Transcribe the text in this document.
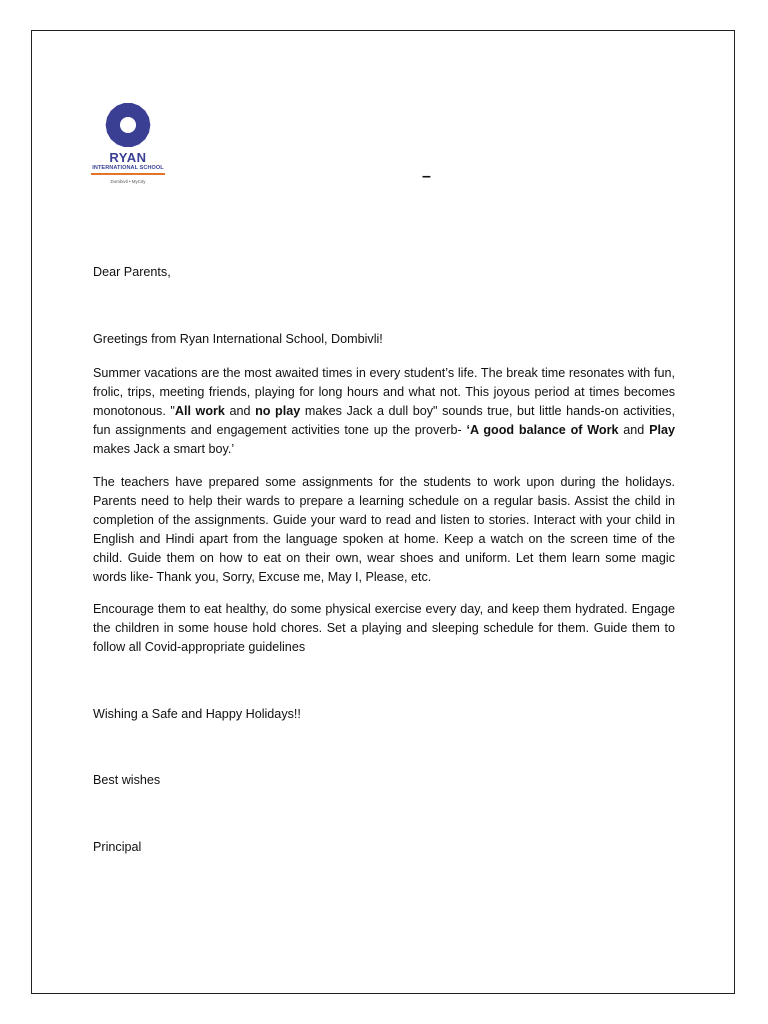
RYAN
INTERNATIONAL SCHOOL
Dombivli • MyCity	–
Dear Parents,
Greetings from Ryan International School, Dombivli!
Summer vacations are the most awaited times in every student’s life. The break time resonates with fun, frolic, trips, meeting friends, playing for long hours and what not. This joyous period at times becomes monotonous. "All work and no play makes Jack a dull boy" sounds true, but little hands-on activities, fun assignments and engagement activities tone up the proverb- ‘A good balance of Work and Play makes Jack a smart boy.’
The teachers have prepared some assignments for the students to work upon during the holidays. Parents need to help their wards to prepare a learning schedule on a regular basis. Assist the child in completion of the assignments. Guide your ward to read and listen to stories. Interact with your child in English and Hindi apart from the language spoken at home. Keep a watch on the screen time of the child. Guide them on how to eat on their own, wear shoes and uniform. Let them learn some magic words like- Thank you, Sorry, Excuse me, May I, Please, etc.
Encourage them to eat healthy, do some physical exercise every day, and keep them hydrated. Engage the children in some house hold chores. Set a playing and sleeping schedule for them. Guide them to follow all Covid-appropriate guidelines
Wishing a Safe and Happy Holidays!!
Best wishes
Principal
